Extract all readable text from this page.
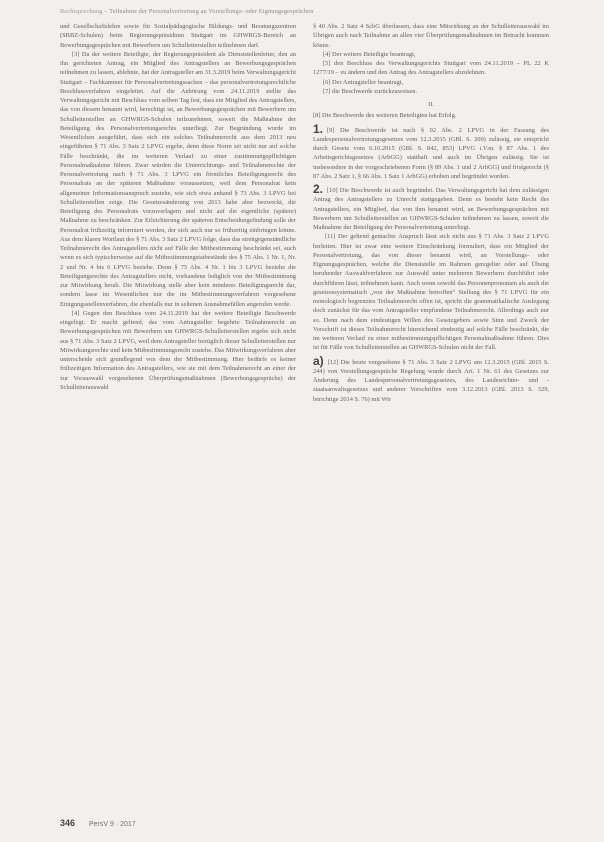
Rechtsprechung – Teilnahme der Personalvertretung an Vorstellungs- oder Eignungsgesprächen

und Gesellschaftslehre sowie für Sozialpädagogische Bildungs- und Beratungszentren (SBBZ-Schulen) beim Regierungspräsidium Stuttgart im GHWRGS-Bereich an Bewerbungsgesprächen mit Bewerbern um Schulleiterstellen teilnehmen darf.

[3] Da der weitere Beteiligte, der Regierungspräsident als Dienststellenleiter, den an ihn gerichteten Antrag, ein Mitglied des Antragstellers an Bewerbungsgesprächen teilnehmen zu lassen, ablehnte, hat der Antragsteller am 31.3.2019 beim Verwaltungsgericht Stuttgart – Fachkammer für Personalvertretungssachen – das personalvertretungsrechtliche Beschlussverfahren eingeleitet. Auf die Anhörung vom 24.11.2019 stellte das Verwaltungsgericht mit Beschluss vom selben Tag fest, dass ein Mitglied des Antragstellers, das von diesem benannt wird, berechtigt ist, an Bewerbungsgesprächen mit Bewerbern um Schulleiterstellen an GHWRGS-Schulen teilzunehmen, soweit die Maßnahme der Beteiligung des Personalvertretungsrechts unterliegt. Zur Begründung wurde im Wesentlichen ausgeführt, dass sich ein solches Teilnahmerecht aus dem 2013 neu eingeführten § 71 Abs. 3 Satz 2 LPVG ergebe, denn diese Norm sei nicht nur auf solche Fälle beschränkt, die im weiteren Verlauf zu einer zustimmungspflichtigen Personalmaßnahme führen. Zwar würden die Unterrichtungs- und Teilnahmerechte der Personalvertretung nach § 71 Abs. 3 LPVG ein förmliches Beteiligungsrecht des Personalrats an der späteren Maßnahme voraussetzen, weil dem Personalrat kein allgemeiner Informationsanspruch zustehe, wie sich etwa anhand § 73 Abs. 3 LPVG bei Schulleiterstellen zeige. Die Gesetzesänderung von 2013 habe aber bezweckt, die Beteiligung des Personalrats vorzuverlagern und nicht auf die eigentliche (spätere) Maßnahme zu beschränken. Zur Erleichterung der späteren Entscheidungsfindung solle der Personalrat frühzeitig informiert werden, der sich auch nur so frühzeitig einbringen könne. Aus dem klaren Wortlaut des § 71 Abs. 3 Satz 2 LPVG folge, dass das streitgegenständliche Teilnahmerecht des Antragstellers nicht auf Fälle der Mitbestimmung beschränkt sei, auch wenn es sich typischerweise auf die Mitbestimmungstatbestände des § 75 Abs. 1 Nr. 1, Nr. 2 und Nr. 4 bis 6 LPVG beziehe. Denn § 75 Abs. 4 Nr. 1 bis 3 LPVG beziehe die Beteiligungsrechte des Antragstellers nicht, vorhandene lediglich von der Mitbestimmung zur Mitwirkung herab. Die Mitwirkung stelle aber kein minderes Beteiligungsrecht dar, sondern lasse im Wesentlichen nur die im Mitbestimmungsverfahren vorgesehene Einigungsstellenverfahren, die ebenfalls nur in seltenen Ausnahmefällen angerufen werde.

[4] Gegen den Beschluss vom 24.11.2019 hat der weitere Beteiligte Beschwerde eingelegt. Er macht geltend, das vom Antragsteller begehrte Teilnahmerecht an Bewerbungsgesprächen mit Bewerbern um GHWRGS-Schulleiterstellen ergebe sich nicht aus § 71 Abs. 3 Satz 2 LPVG, weil dem Antragsteller bezüglich dieser Schulleiterstellen nur Mitwirkungsrechte und kein Mitbestimmungsrecht zustehe. Das Mitwirkungsverfahren aber unterscheide sich grundlegend von dem der Mitbestimmung. Hier bedürfe es keiner frühzeitigen Information des Antragstellers, wie sie mit dem Teilnahmerecht an einer der zur Vorauswahl vorgesehenen Überprüfungsmaßnahmen (Bewerbungsgespräche) der Schulleiterauswahl

§ 40 Abs. 2 Satz 4 SchG überlassen, dass eine Mitwirkung an der Schulleiterauswahl im Übrigen auch nach Teilnahme an allen vier Überprüfungsmaßnahmen im Betracht kommen könne.

[4] Der weitere Beteiligte beantragt,

[5] den Beschluss des Verwaltungsgerichts Stuttgart vom 24.11.2019 – PL 22 K 1277/19 – zu ändern und den Antrag des Antragstellers abzulehnen.

[6] Der Antragsteller beantragt,

[7] die Beschwerde zurückzuweisen.

II.

[8] Die Beschwerde des weiteren Beteiligten hat Erfolg.

1. [9] Die Beschwerde ist nach § 92 Abs. 2 LPVG in der Fassung des Landespersonalvertretungsgesetzes vom 12.3.2015 (GBl. S. 200) zulässig, sie entspricht durch Gesetz vom 6.10.2015 (GBl. S. 842, 853) LPVG i.V.m. § 87 Abs. 1 des Arbeitsgerichtsgesetzes (ArbGG) statthaft und auch im Übrigen zulässig. Sie ist insbesondere in der vorgeschriebenen Form (§ 89 Abs. 1 und 2 ArbGG) und fristgerecht (§ 87 Abs. 2 Satz 1, § 66 Abs. 1 Satz 1 ArbGG) erhoben und begründet worden.

2. [10] Die Beschwerde ist auch begründet. Das Verwaltungsgericht hat dem zulässigen Antrag des Antragstellers zu Unrecht stattgegeben. Denn es besteht kein Recht des Antragstellers, ein Mitglied, das von ihm benannt wird, an Bewerbungsgesprächen mit Bewerbern um Schulleiterstellen an GHWRGS-Schulen teilnehmen zu lassen, soweit die Maßnahme der Beteiligung der Personalvertretung unterliegt.

[11] Der geltend gemachte Anspruch lässt sich nicht aus § 71 Abs. 3 Satz 2 LPVG herleiten. Hier ist zwar eine weitere Einschränkung formuliert, dass ein Mitglied der Personalvertretung, das von dieser benannt wird, an Vorstellungs- oder Eignungsgesprächen, welche die Dienststelle im Rahmen geregelter oder auf Übung beruhender Auswahlverfahren zur Auswahl unter mehreren Bewerbern durchführt oder durchführen lässt, teilnehmen kann. Auch wenn sowohl das Personenpronomen als auch die gesetzessystematisch „von der Maßnahme betroffen“ Stellung des § 71 LPVG für ein monologisch begrenztes Teilnahmerecht offen ist, spricht die grammatikalische Auslegung doch zunächst für das vom Antragsteller empfundene Teilnahmerecht. Allerdings auch nur so. Denn nach dem eindeutigen Willen des Gesetzgebers sowie Sinn und Zweck der Vorschrift ist dieses Teilnahmerecht hinreichend eindeutig auf solche Fälle beschränkt, die im weiteren Verlauf zu einer mitbestimmungspflichtigen Personalmaßnahme führen. Dies ist für Fälle von Schulleiterstellen an GHWRGS-Schulen nicht der Fall.

a) [12] Die heute vorgesehene § 71 Abs. 3 Satz 2 LPVG am 12.3.2015 (GBl. 2015 S. 244) von Vorstellungsgespräche Regelung wurde durch Art. 1 Nr. 61 des Gesetzes zur Änderung des Landespersonalvertretungsgesetzes, des Landesrichter- und -staatsanwaltsgesetzes und anderer Vorschriften vom 3.12.2013 (GBl. 2013 S. 329, berichtige 2014 S. 76) mit Wir

346 PersV 9 · 2017
